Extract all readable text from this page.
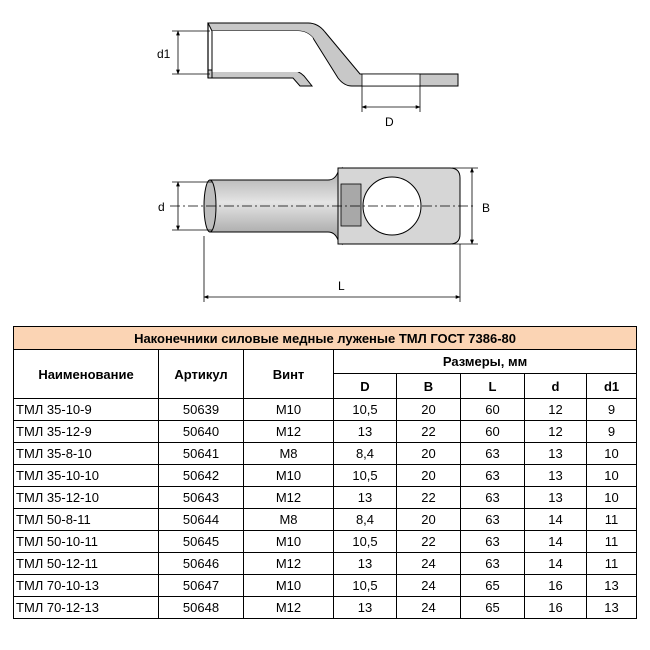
d1
D
d	B
L
Наконечники силовые медные луженые ТМЛ ГОСТ 7386-80							
Наименование	Артикул	Винт	Размеры, мм				
			D	B	L	d	d1
ТМЛ 35-10-9	50639	M10	10,5	20	60	12	9
ТМЛ 35-12-9	50640	M12	13	22	60	12	9
ТМЛ 35-8-10	50641	M8	8,4	20	63	13	10
ТМЛ 35-10-10	50642	M10	10,5	20	63	13	10
ТМЛ 35-12-10	50643	M12	13	22	63	13	10
ТМЛ 50-8-11	50644	M8	8,4	20	63	14	11
ТМЛ 50-10-11	50645	M10	10,5	22	63	14	11
ТМЛ 50-12-11	50646	M12	13	24	63	14	11
ТМЛ 70-10-13	50647	M10	10,5	24	65	16	13
ТМЛ 70-12-13	50648	M12	13	24	65	16	13
